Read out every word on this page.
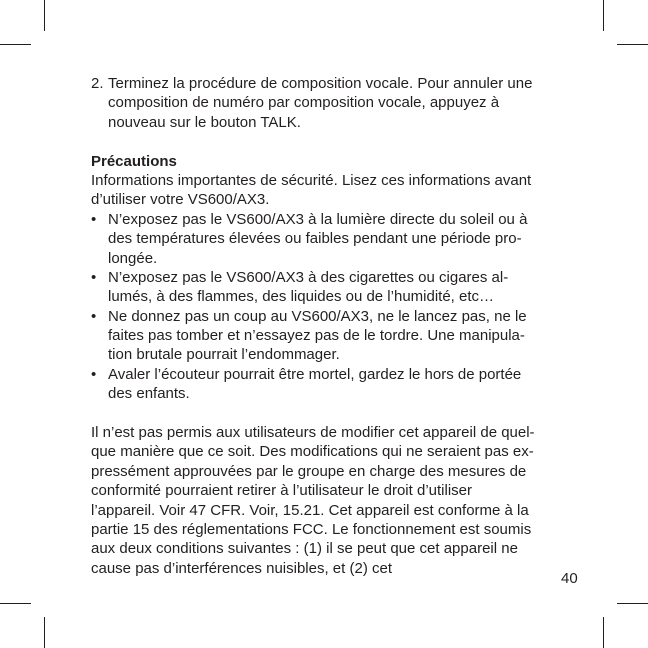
2. Terminez la procédure de composition vocale. Pour annuler une
composition de numéro par composition vocale, appuyez à
nouveau sur le bouton TALK.
Précautions
Informations importantes de sécurité. Lisez ces informations avant
d’utiliser votre VS600/AX3.
• N’exposez pas le VS600/AX3 à la lumière directe du soleil ou à
des températures élevées ou faibles pendant une période pro-
longée.
• N’exposez pas le VS600/AX3 à des cigarettes ou cigares al-
lumés, à des flammes, des liquides ou de l’humidité, etc…
• Ne donnez pas un coup au VS600/AX3, ne le lancez pas, ne le
faites pas tomber et n’essayez pas de le tordre. Une manipula-
tion brutale pourrait l’endommager.
• Avaler l’écouteur pourrait être mortel, gardez le hors de portée
des enfants.
Il n’est pas permis aux utilisateurs de modifier cet appareil de quel-
que manière que ce soit. Des modifications qui ne seraient pas ex-
pressément approuvées par le groupe en charge des mesures de
conformité pourraient retirer à l’utilisateur le droit d’utiliser
l’appareil. Voir 47 CFR. Voir, 15.21. Cet appareil est conforme à la
partie 15 des réglementations FCC. Le fonctionnement est soumis
aux deux conditions suivantes : (1) il se peut que cet appareil ne
cause pas d’interférences nuisibles, et (2) cet
40
